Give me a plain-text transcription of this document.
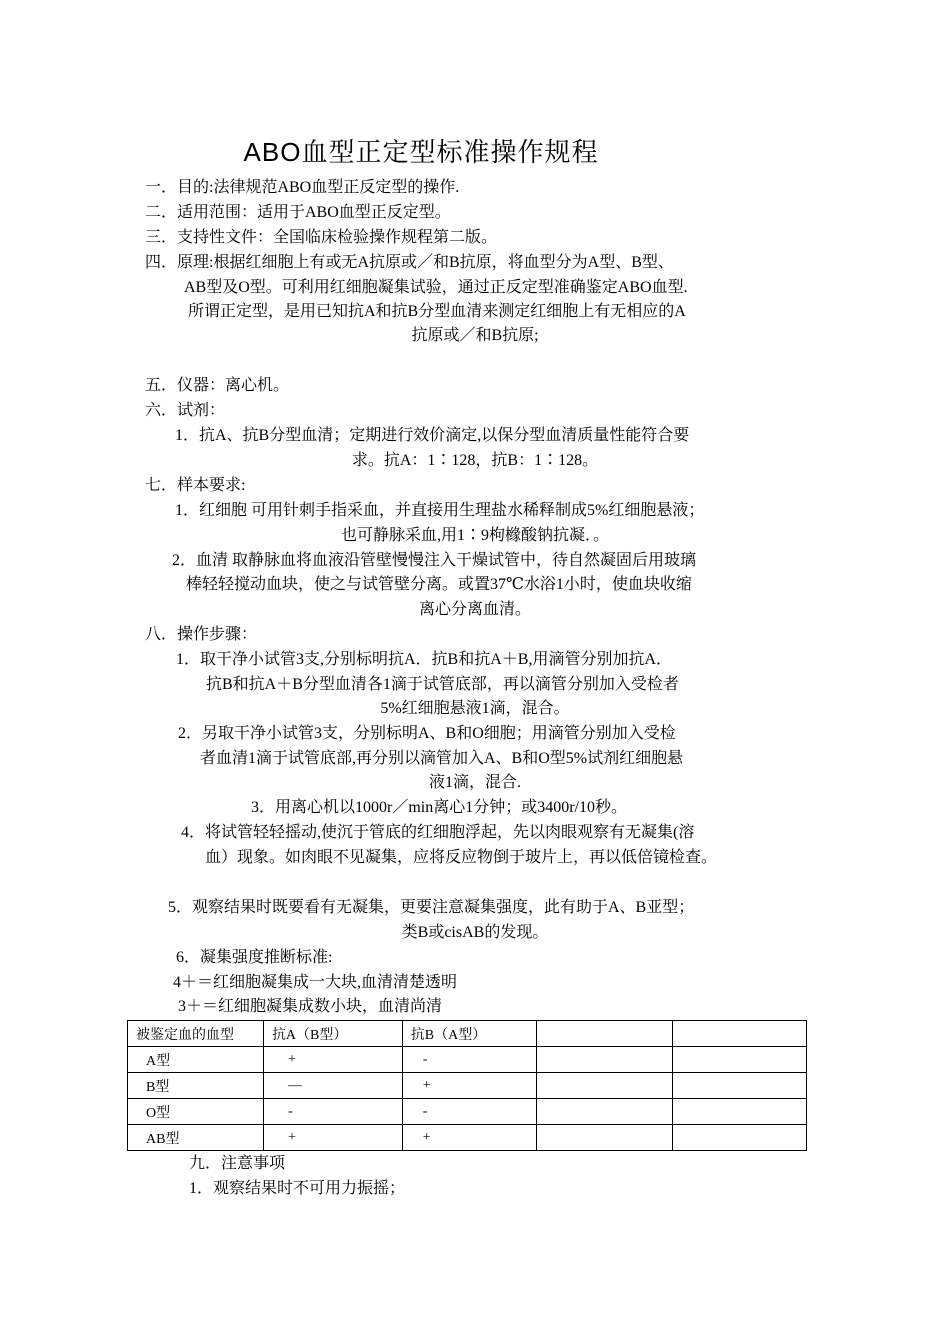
ABO血型正定型标准操作规程
一．目的:法律规范ABO血型正反定型的操作.
二．适用范围：适用于ABO血型正反定型。
三．支持性文件：全国临床检验操作规程第二版。
四．原理:根据红细胞上有或无A抗原或／和B抗原，将血型分为A型、B型、
AB型及O型。可利用红细胞凝集试验，通过正反定型准确鉴定ABO血型.
所谓正定型，是用已知抗A和抗B分型血清来测定红细胞上有无相应的A
抗原或／和B抗原;
五．仪器：离心机。
六．试剂：
1．抗A、抗B分型血清；定期进行效价滴定,以保分型血清质量性能符合要
求。抗A：1∶128，抗B：1∶128。
七．样本要求:
1．红细胞 可用针刺手指采血，并直接用生理盐水稀释制成5%红细胞悬液；
也可静脉采血,用1∶9枸橼酸钠抗凝．。
2．血清 取静脉血将血液沿管壁慢慢注入干燥试管中，待自然凝固后用玻璃
棒轻轻搅动血块，使之与试管壁分离。或置37℃水浴1小时，使血块收缩
离心分离血清。
八．操作步骤：
1．取干净小试管3支,分别标明抗A．抗B和抗A＋B,用滴管分别加抗A．
抗B和抗A＋B分型血清各1滴于试管底部，再以滴管分别加入受检者
5%红细胞悬液1滴，混合。
2．另取干净小试管3支，分别标明A、B和O细胞；用滴管分别加入受检
者血清1滴于试管底部,再分别以滴管加入A、B和O型5%试剂红细胞悬
液1滴，混合.
3．用离心机以1000r／min离心1分钟；或3400r/10秒。
4．将试管轻轻摇动,使沉于管底的红细胞浮起，先以肉眼观察有无凝集(溶
血）现象。如肉眼不见凝集，应将反应物倒于玻片上，再以低倍镜检查。
5．观察结果时既要看有无凝集，更要注意凝集强度，此有助于A、B亚型；
类B或cisAB的发现。
6．凝集强度推断标准:
4＋＝红细胞凝集成一大块,血清清楚透明
3＋＝红细胞凝集成数小块，血清尚清
被鉴定血的血型	抗A（B型）	抗B（A型）		
A型	+	-		
B型	—	+		
O型	-	-		
AB型	+	+		
九．注意事项
1．观察结果时不可用力振摇；
